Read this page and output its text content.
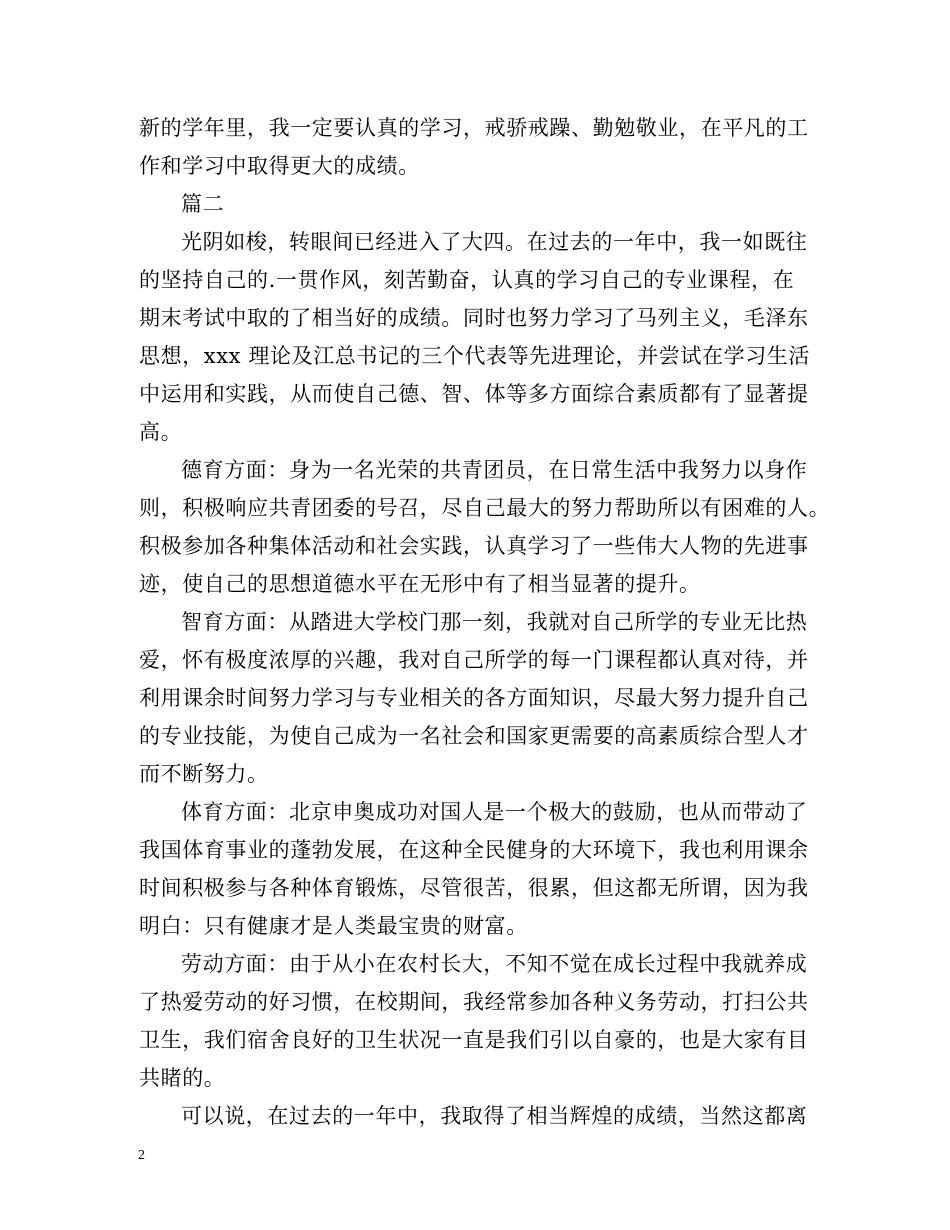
新的学年里，我一定要认真的学习，戒骄戒躁、勤勉敬业，在平凡的工
作和学习中取得更大的成绩。
篇二
光阴如梭，转眼间已经进入了大四。在过去的一年中，我一如既往
的坚持自己的.一贯作风，刻苦勤奋，认真的学习自己的专业课程，在
期末考试中取的了相当好的成绩。同时也努力学习了马列主义，毛泽东
思想，xxx 理论及江总书记的三个代表等先进理论，并尝试在学习生活
中运用和实践，从而使自己德、智、体等多方面综合素质都有了显著提
高。
德育方面：身为一名光荣的共青团员，在日常生活中我努力以身作
则，积极响应共青团委的号召，尽自己最大的努力帮助所以有困难的人。
积极参加各种集体活动和社会实践，认真学习了一些伟大人物的先进事
迹，使自己的思想道德水平在无形中有了相当显著的提升。
智育方面：从踏进大学校门那一刻，我就对自己所学的专业无比热
爱，怀有极度浓厚的兴趣，我对自己所学的每一门课程都认真对待，并
利用课余时间努力学习与专业相关的各方面知识，尽最大努力提升自己
的专业技能，为使自己成为一名社会和国家更需要的高素质综合型人才
而不断努力。
体育方面：北京申奥成功对国人是一个极大的鼓励，也从而带动了
我国体育事业的蓬勃发展，在这种全民健身的大环境下，我也利用课余
时间积极参与各种体育锻炼，尽管很苦，很累，但这都无所谓，因为我
明白：只有健康才是人类最宝贵的财富。
劳动方面：由于从小在农村长大，不知不觉在成长过程中我就养成
了热爱劳动的好习惯，在校期间，我经常参加各种义务劳动，打扫公共
卫生，我们宿舍良好的卫生状况一直是我们引以自豪的，也是大家有目
共睹的。
可以说，在过去的一年中，我取得了相当辉煌的成绩，当然这都离
2
